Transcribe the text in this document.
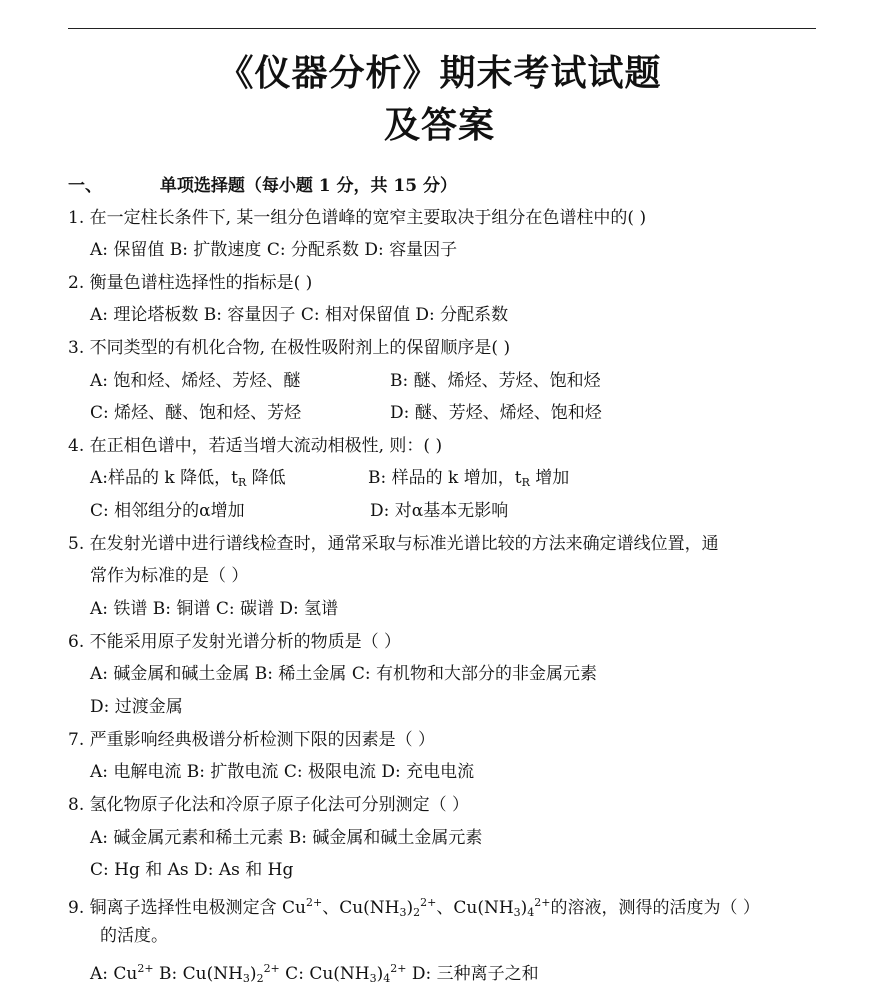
《仪器分析》期末考试试题
及答案
一、	单项选择题（每小题 1 分，共 15 分）
1. 在一定柱长条件下, 某一组分色谱峰的宽窄主要取决于组分在色谱柱中的( )
A: 保留值 B: 扩散速度 C: 分配系数 D: 容量因子
2. 衡量色谱柱选择性的指标是( )
A: 理论塔板数 B: 容量因子 C: 相对保留值 D: 分配系数
3. 不同类型的有机化合物, 在极性吸附剂上的保留顺序是( )
A: 饱和烃、烯烃、芳烃、醚	B: 醚、烯烃、芳烃、饱和烃
C: 烯烃、醚、饱和烃、芳烃	D: 醚、芳烃、烯烃、饱和烃
4. 在正相色谱中，若适当增大流动相极性, 则：( )
A:样品的 k 降低，$t_R$ 降低	B: 样品的 k 增加，$t_R$ 增加
C: 相邻组分的α增加	D: 对α基本无影响
5. 在发射光谱中进行谱线检查时，通常采取与标准光谱比较的方法来确定谱线位置，通
常作为标准的是（ ）
A: 铁谱 B: 铜谱 C: 碳谱 D: 氢谱
6. 不能采用原子发射光谱分析的物质是（ ）
A: 碱金属和碱土金属 B: 稀土金属 C: 有机物和大部分的非金属元素
D: 过渡金属
7. 严重影响经典极谱分析检测下限的因素是（ ）
A: 电解电流 B: 扩散电流 C: 极限电流 D: 充电电流
8. 氢化物原子化法和冷原子原子化法可分别测定（ ）
A: 碱金属元素和稀土元素 B: 碱金属和碱土金属元素
C: Hg 和 As D: As 和 Hg
9. 铜离子选择性电极测定含 $Cu^{2+}$、$Cu(NH_3)_2^{2+}$、$Cu(NH_3)_4^{2+}$的溶液，测得的活度为（ ）
的活度。
A: $Cu^{2+}$ B: $Cu(NH_3)_2^{2+}$ C: $Cu(NH_3)_4^{2+}$ D: 三种离子之和
